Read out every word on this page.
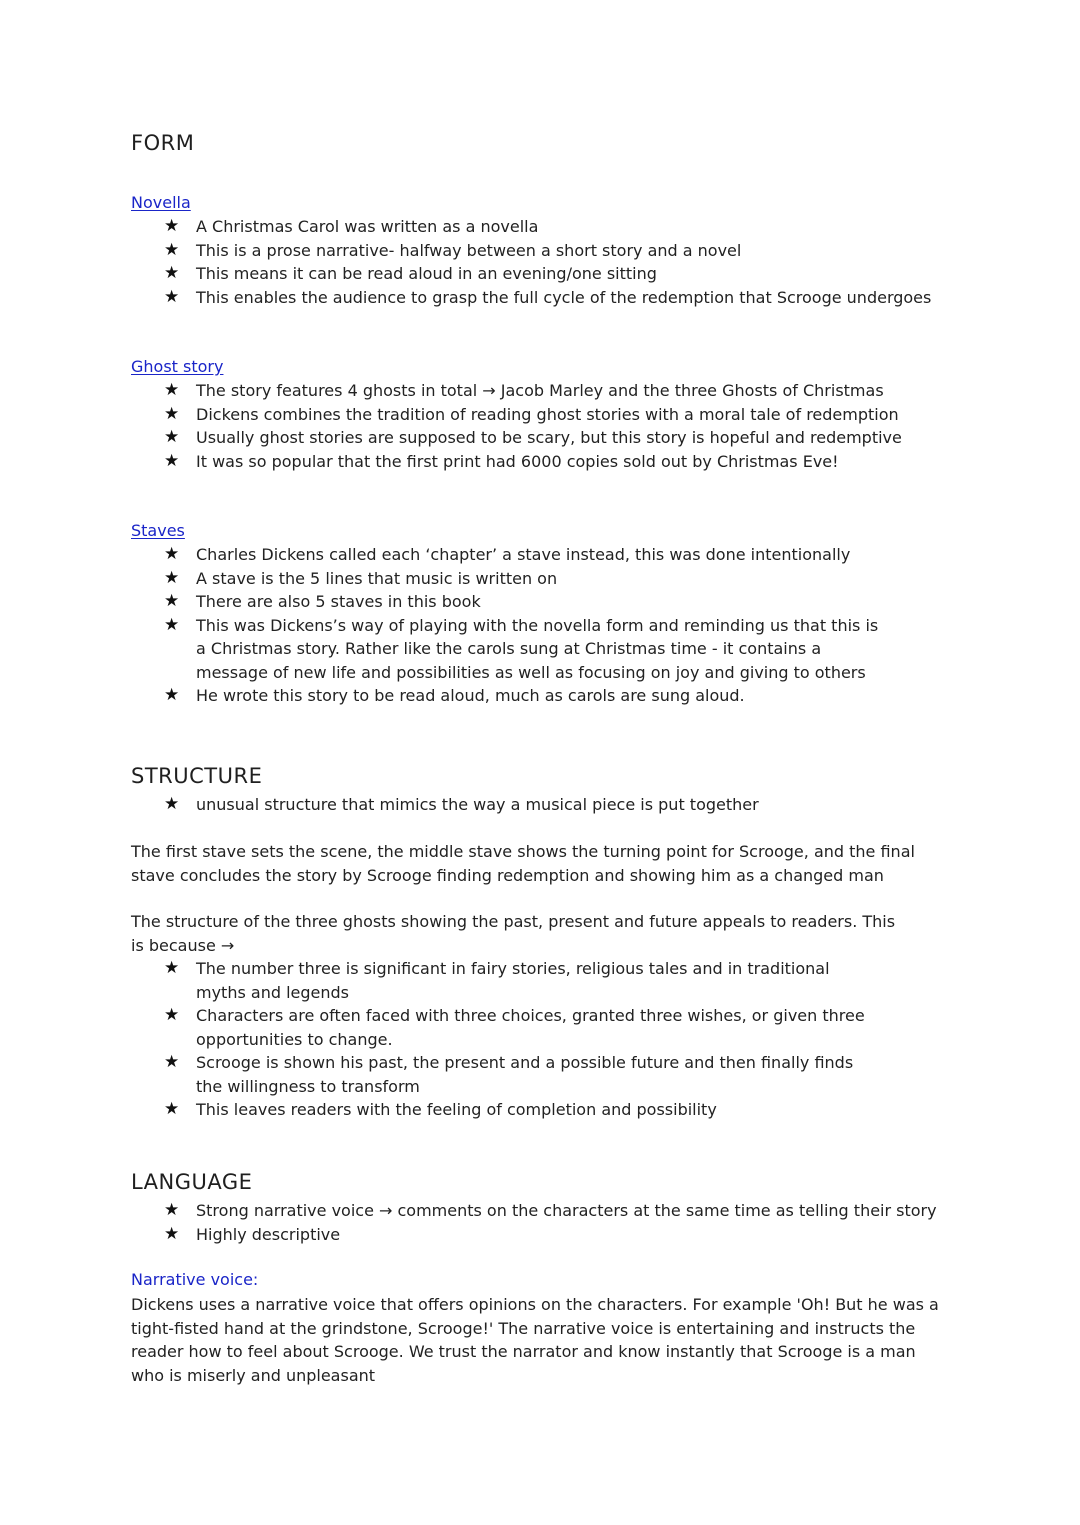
FORM
Novella
★ A Christmas Carol was written as a novella
★ This is a prose narrative- halfway between a short story and a novel
★ This means it can be read aloud in an evening/one sitting
★ This enables the audience to grasp the full cycle of the redemption that Scrooge undergoes
Ghost story
★ The story features 4 ghosts in total → Jacob Marley and the three Ghosts of Christmas
★ Dickens combines the tradition of reading ghost stories with a moral tale of redemption
★ Usually ghost stories are supposed to be scary, but this story is hopeful and redemptive
★ It was so popular that the first print had 6000 copies sold out by Christmas Eve!
Staves
★ Charles Dickens called each ‘chapter’ a stave instead, this was done intentionally
★ A stave is the 5 lines that music is written on
★ There are also 5 staves in this book
★ This was Dickens’s way of playing with the novella form and reminding us that this is a Christmas story. Rather like the carols sung at Christmas time - it contains a message of new life and possibilities as well as focusing on joy and giving to others
★ He wrote this story to be read aloud, much as carols are sung aloud.
STRUCTURE
★ unusual structure that mimics the way a musical piece is put together

The first stave sets the scene, the middle stave shows the turning point for Scrooge, and the final stave concludes the story by Scrooge finding redemption and showing him as a changed man

The structure of the three ghosts showing the past, present and future appeals to readers. This is because →

★ The number three is significant in fairy stories, religious tales and in traditional myths and legends
★ Characters are often faced with three choices, granted three wishes, or given three opportunities to change.
★ Scrooge is shown his past, the present and a possible future and then finally finds the willingness to transform
★ This leaves readers with the feeling of completion and possibility
LANGUAGE
★ Strong narrative voice → comments on the characters at the same time as telling their story
★ Highly descriptive
Narrative voice:

Dickens uses a narrative voice that offers opinions on the characters. For example 'Oh! But he was a tight-fisted hand at the grindstone, Scrooge!' The narrative voice is entertaining and instructs the reader how to feel about Scrooge. We trust the narrator and know instantly that Scrooge is a man who is miserly and unpleasant
